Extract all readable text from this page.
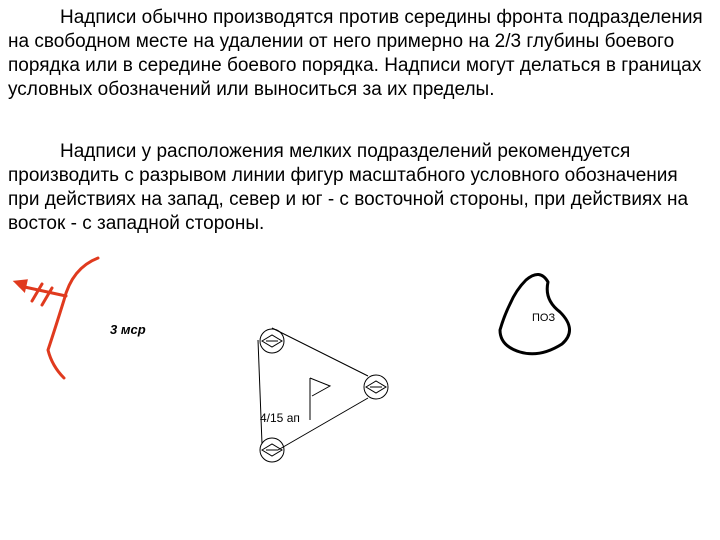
Надписи обычно производятся против середины фронта подразделения на свободном месте на удалении от него примерно на 2/3 глубины боевого порядка или в середине боевого порядка. Надписи могут делаться в границах условных обозначений или выноситься за их пределы.

Надписи у расположения мелких подразделений рекомендуется производить с разрывом линии фигур масштабного условного обозначения при действиях на запад, север и юг - с восточной стороны, при действиях на восток - с западной стороны.

3 мср
4/15 ап
ПОЗ
